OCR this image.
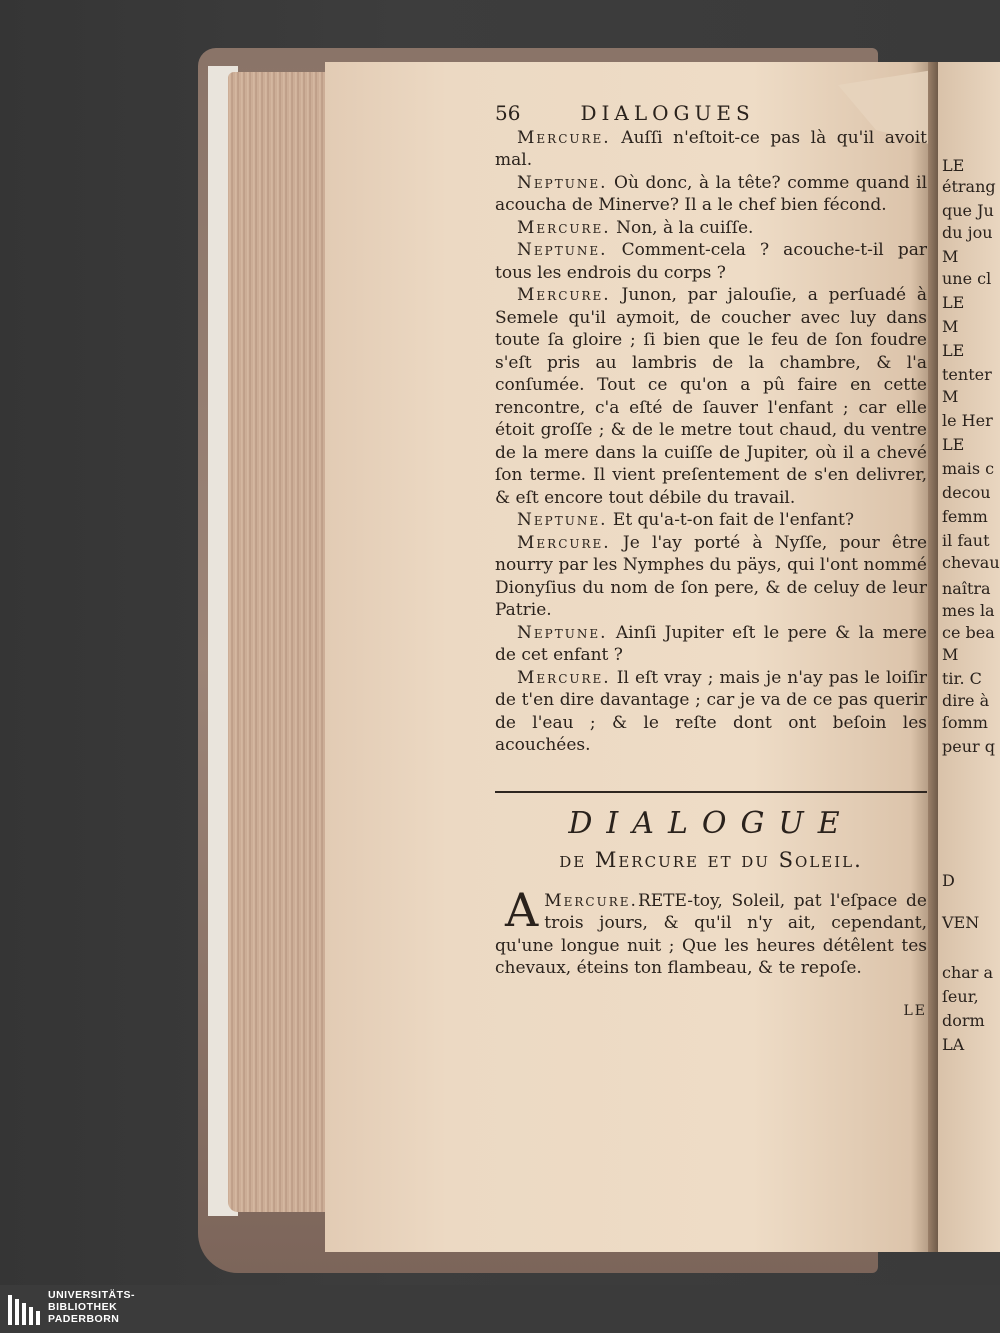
LE
étrang
que Ju
du jou
M
une cl
LE
M
LE
tenter
M
le Her
LE
mais c
decou
femm
il faut
chevau
naîtra
mes la
ce bea
M
tir. C
dire à
ſomm
peur q
D
VEN
char a
ſeur,
dorm
LA
56	DIALOGUES

Mercure. Auſſi n'eſtoit-ce pas là qu'il avoit mal.

Neptune. Où donc, à la tête? comme quand il acoucha de Minerve? Il a le chef bien fécond.

Mercure. Non, à la cuiſſe.

Neptune. Comment-cela ? acouche-t-il par tous les endrois du corps ?

Mercure. Junon, par jalouſie, a perſuadé à Semele qu'il aymoit, de coucher avec luy dans toute ſa gloire ; ſi bien que le feu de ſon foudre s'eſt pris au lambris de la chambre, & l'a conſumée. Tout ce qu'on a pû faire en cette rencontre, c'a eſté de ſauver l'enfant ; car elle étoit groſſe ; & de le metre tout chaud, du ventre de la mere dans la cuiſſe de Jupiter, où il a chevé ſon terme. Il vient preſentement de s'en delivrer, & eſt encore tout débile du travail.

Neptune. Et qu'a-t-on fait de l'enfant?

Mercure. Je l'ay porté à Nyſſe, pour être nourry par les Nymphes du päys, qui l'ont nommé Dionyſius du nom de ſon pere, & de celuy de leur Patrie.

Neptune. Ainſi Jupiter eſt le pere & la mere de cet enfant ?

Mercure. Il eſt vray ; mais je n'ay pas le loiſir de t'en dire davantage ; car je va de ce pas querir de l'eau ; & le reſte dont ont beſoin les acouchées.

DIALOGUE
de Mercure et du Soleil.

Mercure.
A	RETE-toy, Soleil, pat l'eſpace de trois jours, & qu'il n'y ait, cependant, qu'une longue nuit ; Que les heures détêlent tes chevaux, éteins ton flambeau, & te repoſe.

LE
UNIVERSITÄTS-
BIBLIOTHEK
PADERBORN
